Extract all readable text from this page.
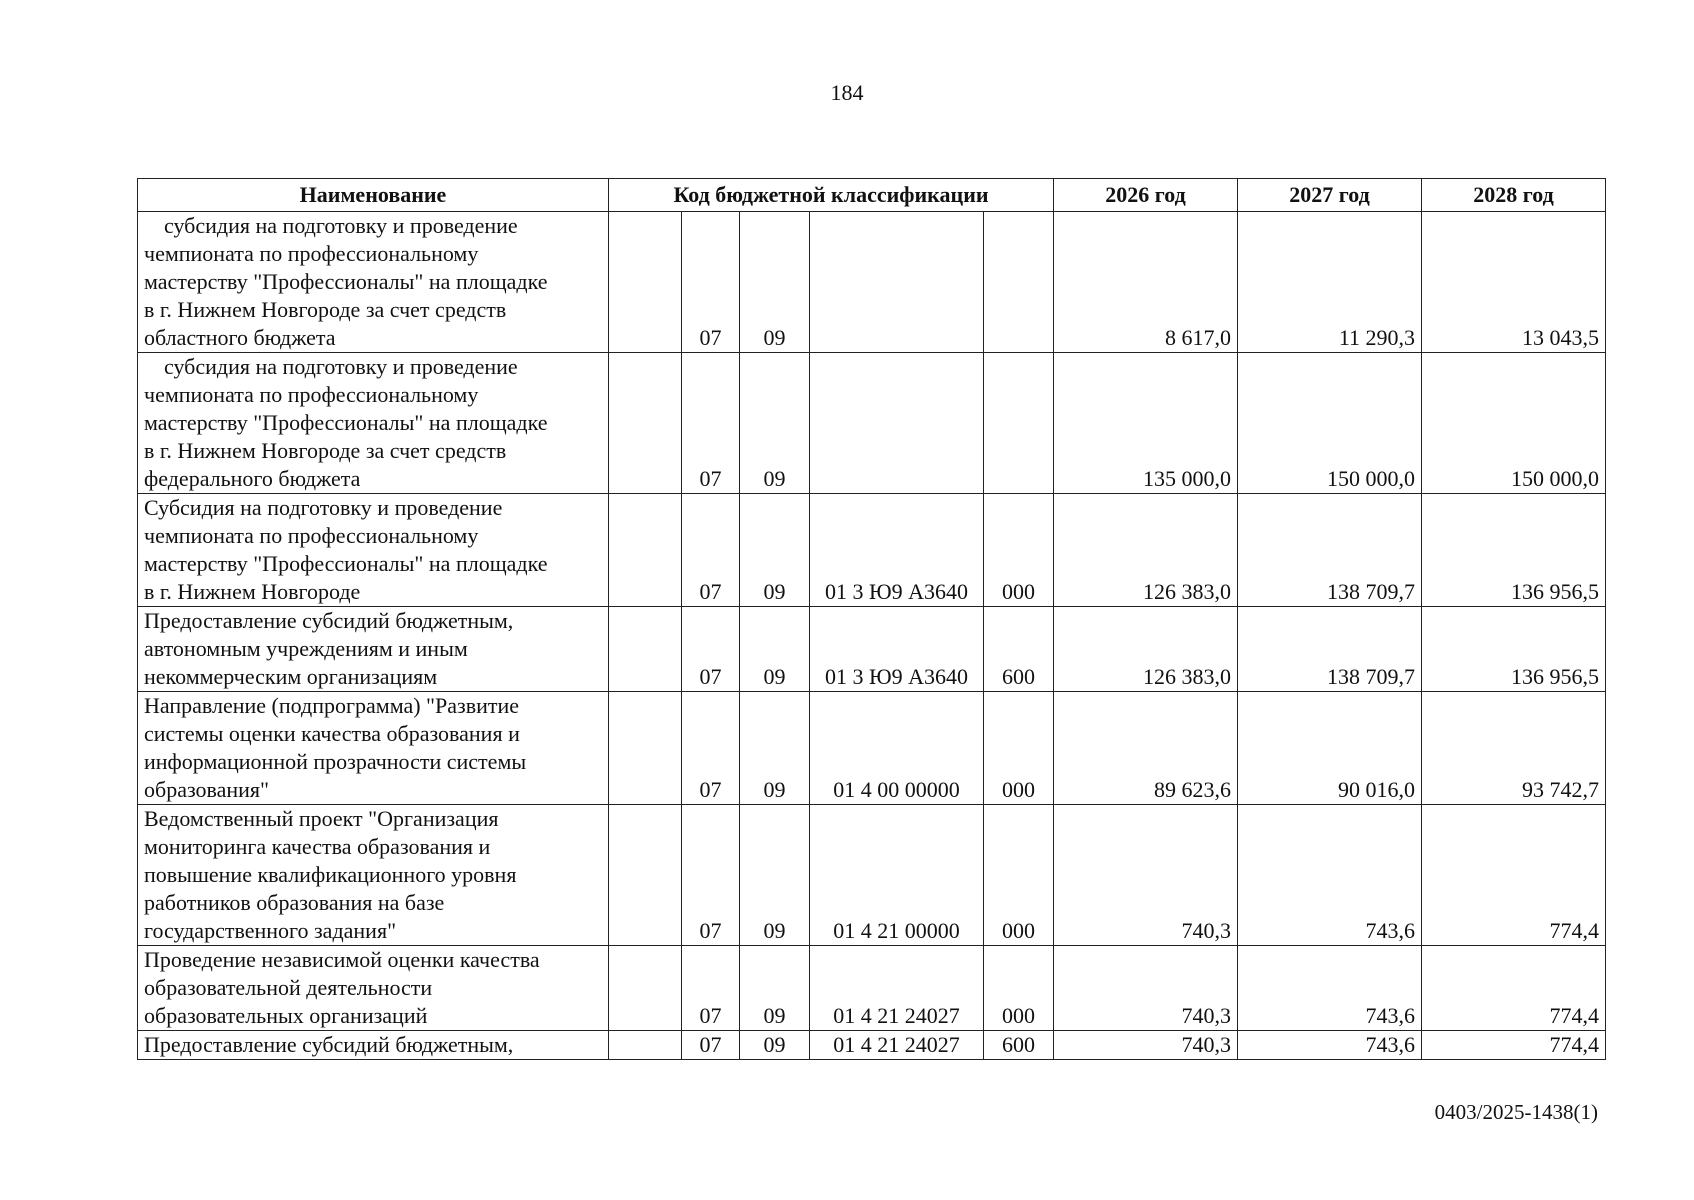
184
Наименование	Код бюджетной классификации					2026 год	2027 год	2028 год
субсидия на подготовку и проведение
чемпионата по профессиональному
мастерству "Профессионалы" на площадке
в г. Нижнем Новгороде за счет средств
областного бюджета		07	09			8 617,0	11 290,3	13 043,5
субсидия на подготовку и проведение
чемпионата по профессиональному
мастерству "Профессионалы" на площадке
в г. Нижнем Новгороде за счет средств
федерального бюджета		07	09			135 000,0	150 000,0	150 000,0
Субсидия на подготовку и проведение
чемпионата по профессиональному
мастерству "Профессионалы" на площадке
в г. Нижнем Новгороде		07	09	01 3 Ю9 А3640	000	126 383,0	138 709,7	136 956,5
Предоставление субсидий бюджетным,
автономным учреждениям и иным
некоммерческим организациям		07	09	01 3 Ю9 А3640	600	126 383,0	138 709,7	136 956,5
Направление (подпрограмма) "Развитие
системы оценки качества образования и
информационной прозрачности системы
образования"		07	09	01 4 00 00000	000	89 623,6	90 016,0	93 742,7
Ведомственный проект "Организация
мониторинга качества образования и
повышение квалификационного уровня
работников образования на базе
государственного задания"		07	09	01 4 21 00000	000	740,3	743,6	774,4
Проведение независимой оценки качества
образовательной деятельности
образовательных организаций		07	09	01 4 21 24027	000	740,3	743,6	774,4
Предоставление субсидий бюджетным,		07	09	01 4 21 24027	600	740,3	743,6	774,4
0403/2025-1438(1)
